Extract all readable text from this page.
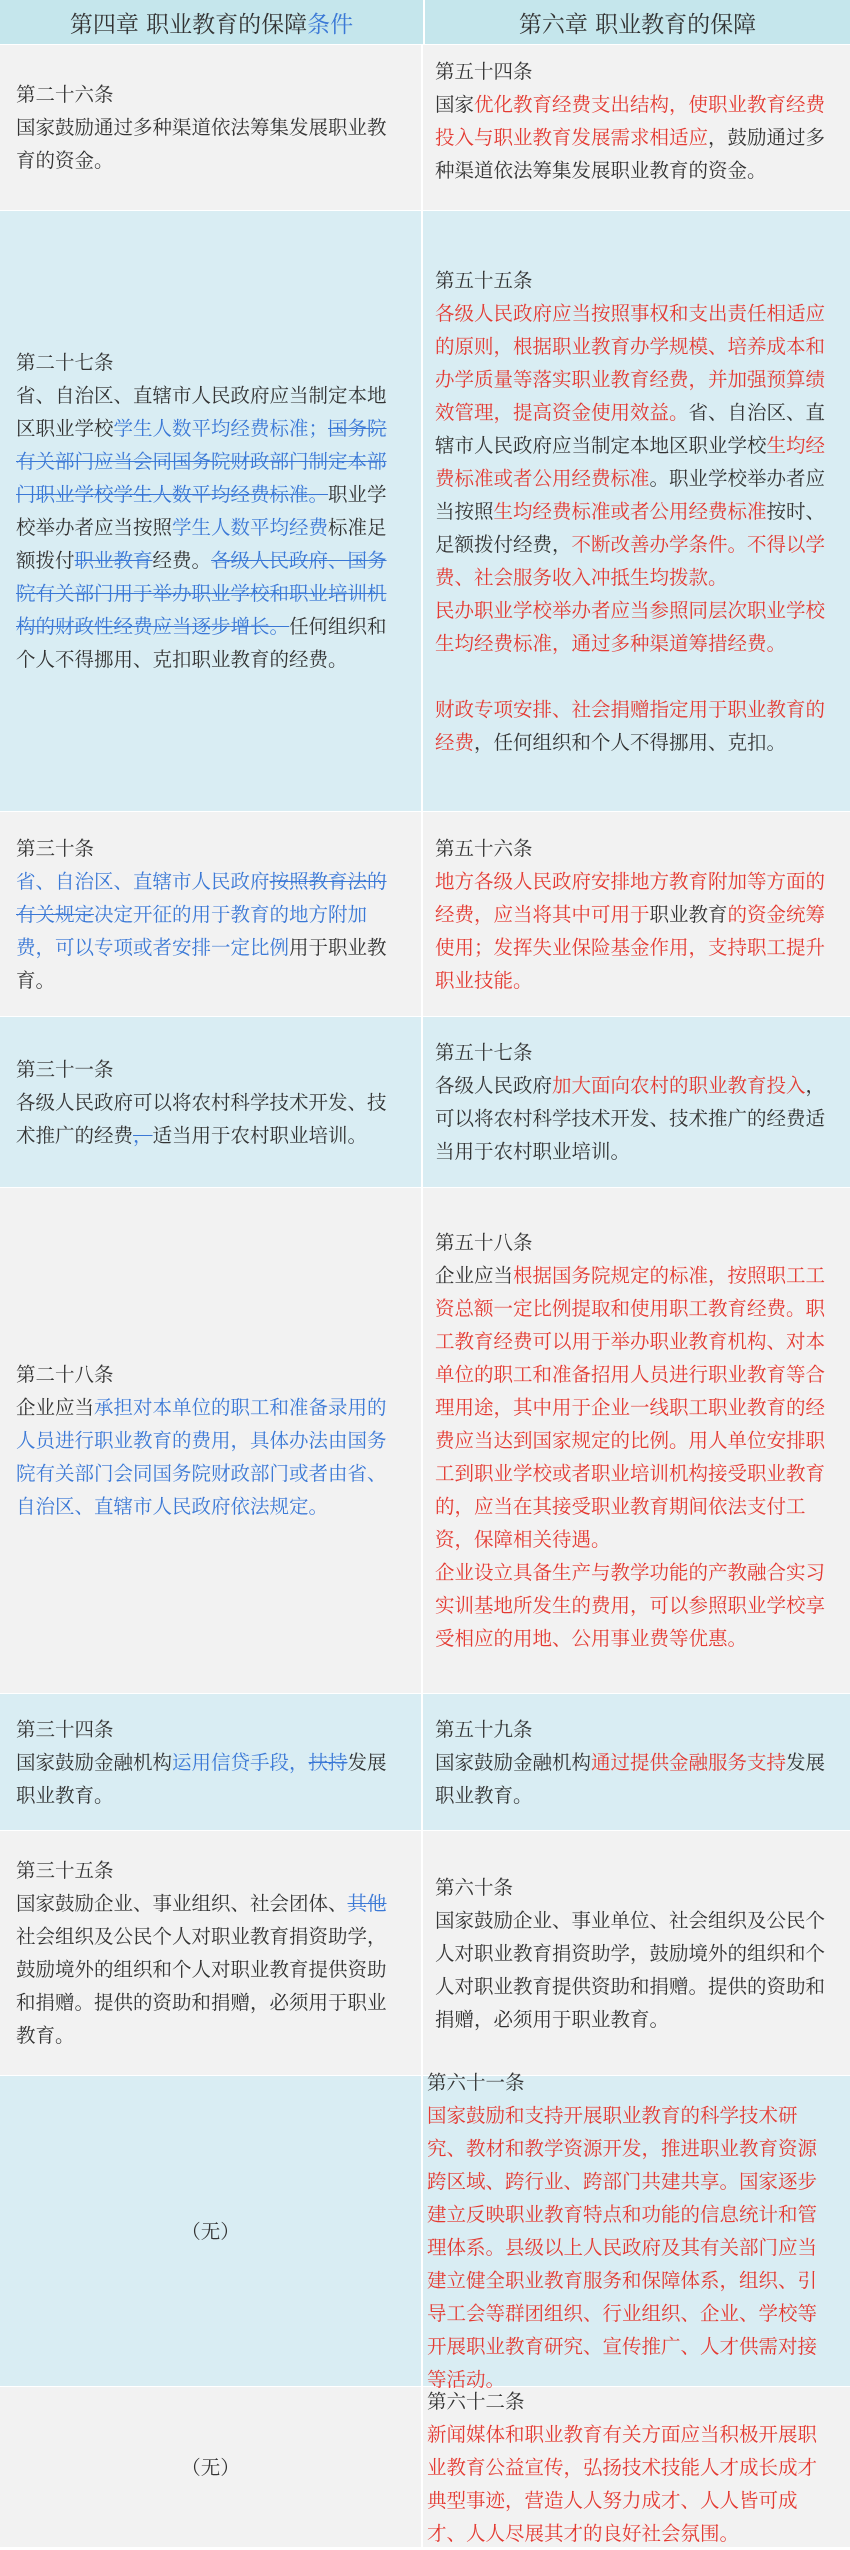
第四章 职业教育的保障 条件	第六章 职业教育的保障
第二十六条
国家鼓励通过多种渠道依法筹集发展职业教育的资金。
第五十四条
国家优化教育经费支出结构，使职业教育经费投入与职业教育发展需求相适应，鼓励通过多种渠道依法筹集发展职业教育的资金。
第二十七条
省、自治区、直辖市人民政府应当制定本地区职业学校学生人数平均经费标准；国务院有关部门应当会同国务院财政部门制定本部门职业学校学生人数平均经费标准。职业学校举办者应当按照学生人数平均经费标准足额拨付职业教育经费。各级人民政府、国务院有关部门用于举办职业学校和职业培训机构的财政性经费应当逐步增长。任何组织和个人不得挪用、克扣职业教育的经费。
第五十五条
各级人民政府应当按照事权和支出责任相适应的原则，根据职业教育办学规模、培养成本和办学质量等落实职业教育经费，并加强预算绩效管理，提高资金使用效益。省、自治区、直辖市人民政府应当制定本地区职业学校生均经费标准或者公用经费标准。职业学校举办者应当按照生均经费标准或者公用经费标准按时、足额拨付经费，不断改善办学条件。不得以学费、社会服务收入冲抵生均拨款。
民办职业学校举办者应当参照同层次职业学校生均经费标准，通过多种渠道筹措经费。
财政专项安排、社会捐赠指定用于职业教育的经费，任何组织和个人不得挪用、克扣。
第三十条
省、自治区、直辖市人民政府按照教育法的有关规定决定开征的用于教育的地方附加费，可以专项或者安排一定比例用于职业教育。
第五十六条
地方各级人民政府安排地方教育附加等方面的经费，应当将其中可用于职业教育的资金统筹使用；发挥失业保险基金作用，支持职工提升职业技能。
第三十一条
各级人民政府可以将农村科学技术开发、技术推广的经费，适当用于农村职业培训。
第五十七条
各级人民政府加大面向农村的职业教育投入，可以将农村科学技术开发、技术推广的经费适当用于农村职业培训。
第二十八条
企业应当承担对本单位的职工和准备录用的人员进行职业教育的费用，具体办法由国务院有关部门会同国务院财政部门或者由省、自治区、直辖市人民政府依法规定。
第五十八条
企业应当根据国务院规定的标准，按照职工工资总额一定比例提取和使用职工教育经费。职工教育经费可以用于举办职业教育机构、对本单位的职工和准备招用人员进行职业教育等合理用途，其中用于企业一线职工职业教育的经费应当达到国家规定的比例。用人单位安排职工到职业学校或者职业培训机构接受职业教育的，应当在其接受职业教育期间依法支付工资，保障相关待遇。
企业设立具备生产与教学功能的产教融合实习实训基地所发生的费用，可以参照职业学校享受相应的用地、公用事业费等优惠。
第三十四条
国家鼓励金融机构运用信贷手段，扶持发展职业教育。
第五十九条
国家鼓励金融机构通过提供金融服务支持发展职业教育。
第三十五条
国家鼓励企业、事业组织、社会团体、其他社会组织及公民个人对职业教育捐资助学，鼓励境外的组织和个人对职业教育提供资助和捐赠。提供的资助和捐赠，必须用于职业教育。
第六十条
国家鼓励企业、事业单位、社会组织及公民个人对职业教育捐资助学，鼓励境外的组织和个人对职业教育提供资助和捐赠。提供的资助和捐赠，必须用于职业教育。
（无）
第六十一条
国家鼓励和支持开展职业教育的科学技术研究、教材和教学资源开发，推进职业教育资源跨区域、跨行业、跨部门共建共享。国家逐步建立反映职业教育特点和功能的信息统计和管理体系。县级以上人民政府及其有关部门应当建立健全职业教育服务和保障体系，组织、引导工会等群团组织、行业组织、企业、学校等开展职业教育研究、宣传推广、人才供需对接等活动。
（无）
第六十二条
新闻媒体和职业教育有关方面应当积极开展职业教育公益宣传，弘扬技术技能人才成长成才典型事迹，营造人人努力成才、人人皆可成才、人人尽展其才的良好社会氛围。
